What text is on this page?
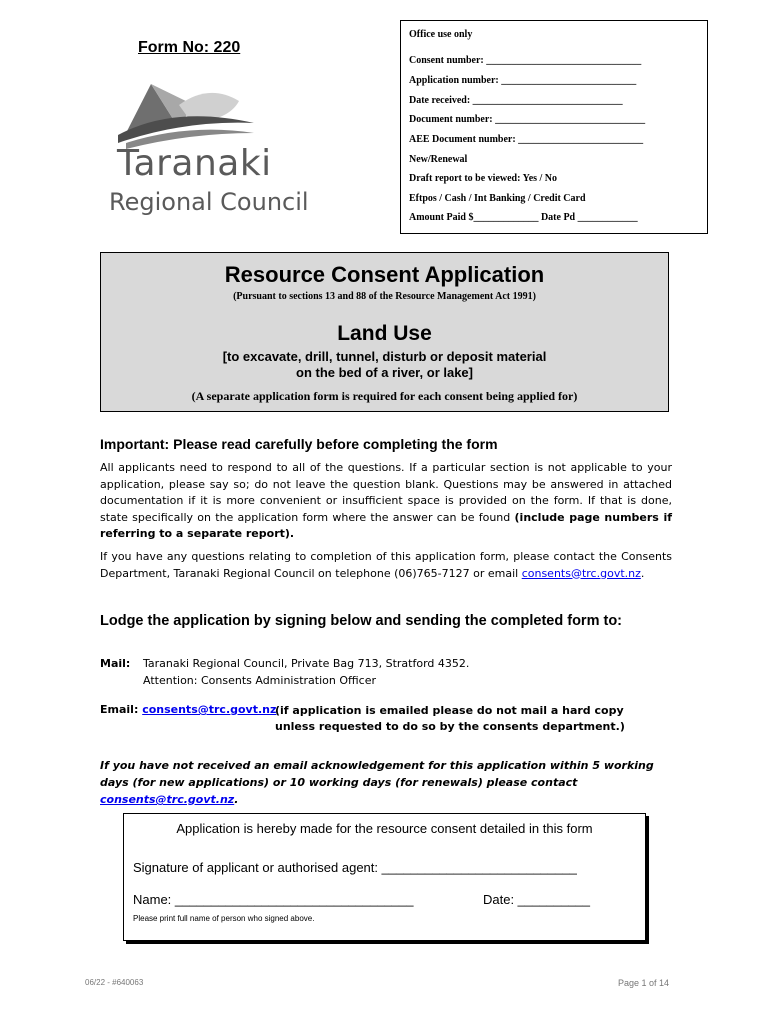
Form No: 220
Taranaki
Regional Council
Office use only
Consent number: _______________________________
Application number: ___________________________
Date received: ______________________________
Document number: ______________________________
AEE Document number: _________________________
New/Renewal
Draft report to be viewed: Yes / No
Eftpos / Cash / Int Banking / Credit Card
Amount Paid $_____________ Date Pd ____________
Resource Consent Application
(Pursuant to sections 13 and 88 of the Resource Management Act 1991)
Land Use
[to excavate, drill, tunnel, disturb or deposit material
on the bed of a river, or lake]
(A separate application form is required for each consent being applied for)
Important: Please read carefully before completing the form
All applicants need to respond to all of the questions. If a particular section is not applicable to your application, please say so; do not leave the question blank. Questions may be answered in attached documentation if it is more convenient or insufficient space is provided on the form. If that is done, state specifically on the application form where the answer can be found (include page numbers if referring to a separate report).
If you have any questions relating to completion of this application form, please contact the Consents Department, Taranaki Regional Council on telephone (06)765-7127 or email consents@trc.govt.nz.
Lodge the application by signing below and sending the completed form to:
Mail: Taranaki Regional Council, Private Bag 713, Stratford 4352.
Attention: Consents Administration Officer
Email: consents@trc.govt.nz
(if application is emailed please do not mail a hard copy unless requested to do so by the consents department.)
If you have not received an email acknowledgement for this application within 5 working days (for new applications) or 10 working days (for renewals) please contact consents@trc.govt.nz.
Application is hereby made for the resource consent detailed in this form
Signature of applicant or authorised agent: ___________________________
Name: _________________________________	Date: __________
Please print full name of person who signed above.
06/22 - #640063	Page 1 of 14
